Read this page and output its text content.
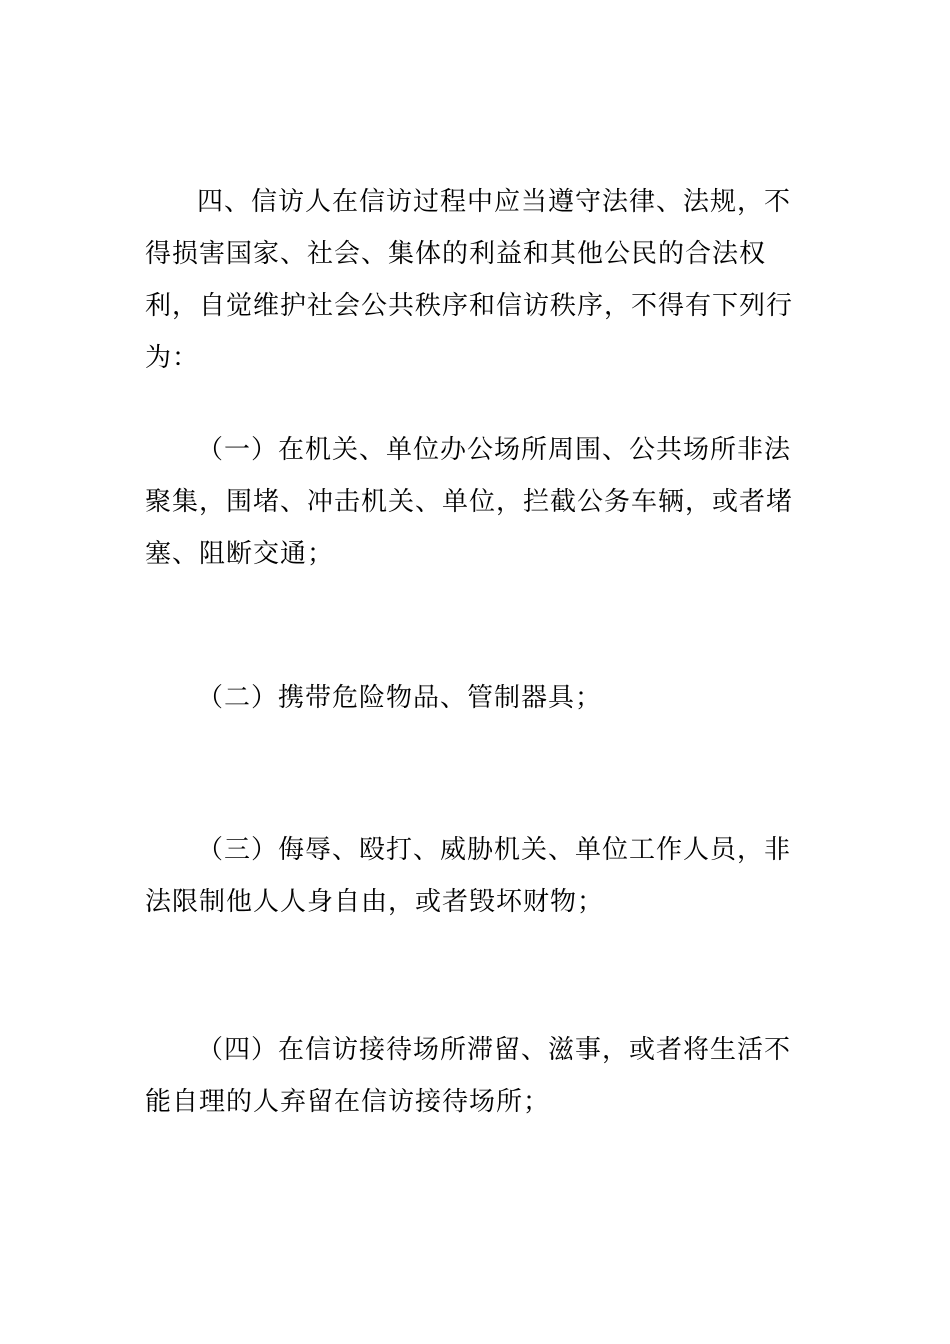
四、信访人在信访过程中应当遵守法律、法规，不得损害国家、社会、集体的利益和其他公民的合法权利，自觉维护社会公共秩序和信访秩序，不得有下列行为：

（一）在机关、单位办公场所周围、公共场所非法聚集，围堵、冲击机关、单位，拦截公务车辆，或者堵塞、阻断交通；

（二）携带危险物品、管制器具；

（三）侮辱、殴打、威胁机关、单位工作人员，非法限制他人人身自由，或者毁坏财物；

（四）在信访接待场所滞留、滋事，或者将生活不能自理的人弃留在信访接待场所；
